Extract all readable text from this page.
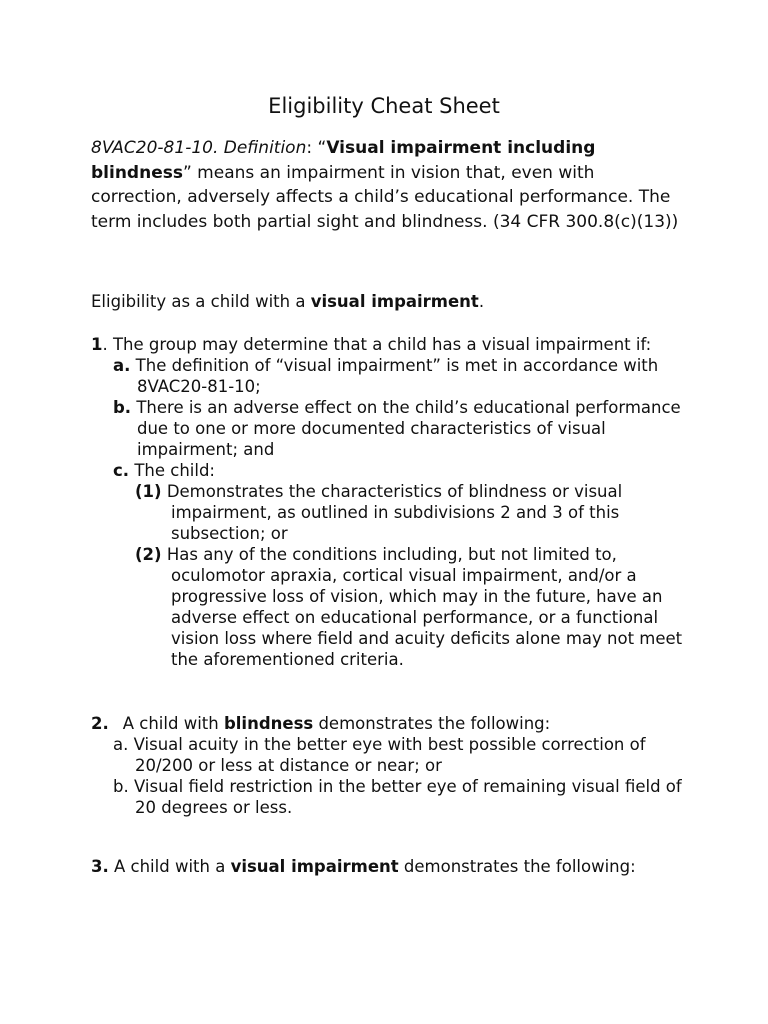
Eligibility Cheat Sheet
8VAC20-81-10. Definition: “Visual impairment including blindness” means an impairment in vision that, even with correction, adversely affects a child’s educational performance. The term includes both partial sight and blindness. (34 CFR 300.8(c)(13))
Eligibility as a child with a visual impairment.
1. The group may determine that a child has a visual impairment if:
a. The definition of “visual impairment” is met in accordance with 8VAC20-81-10;
b. There is an adverse effect on the child’s educational performance due to one or more documented characteristics of visual impairment; and
c. The child:
(1) Demonstrates the characteristics of blindness or visual impairment, as outlined in subdivisions 2 and 3 of this subsection; or
(2) Has any of the conditions including, but not limited to, oculomotor apraxia, cortical visual impairment, and/or a progressive loss of vision, which may in the future, have an adverse effect on educational performance, or a functional vision loss where field and acuity deficits alone may not meet the aforementioned criteria.
2. A child with blindness demonstrates the following:
a. Visual acuity in the better eye with best possible correction of 20/200 or less at distance or near; or
b. Visual field restriction in the better eye of remaining visual field of 20 degrees or less.
3. A child with a visual impairment demonstrates the following:
